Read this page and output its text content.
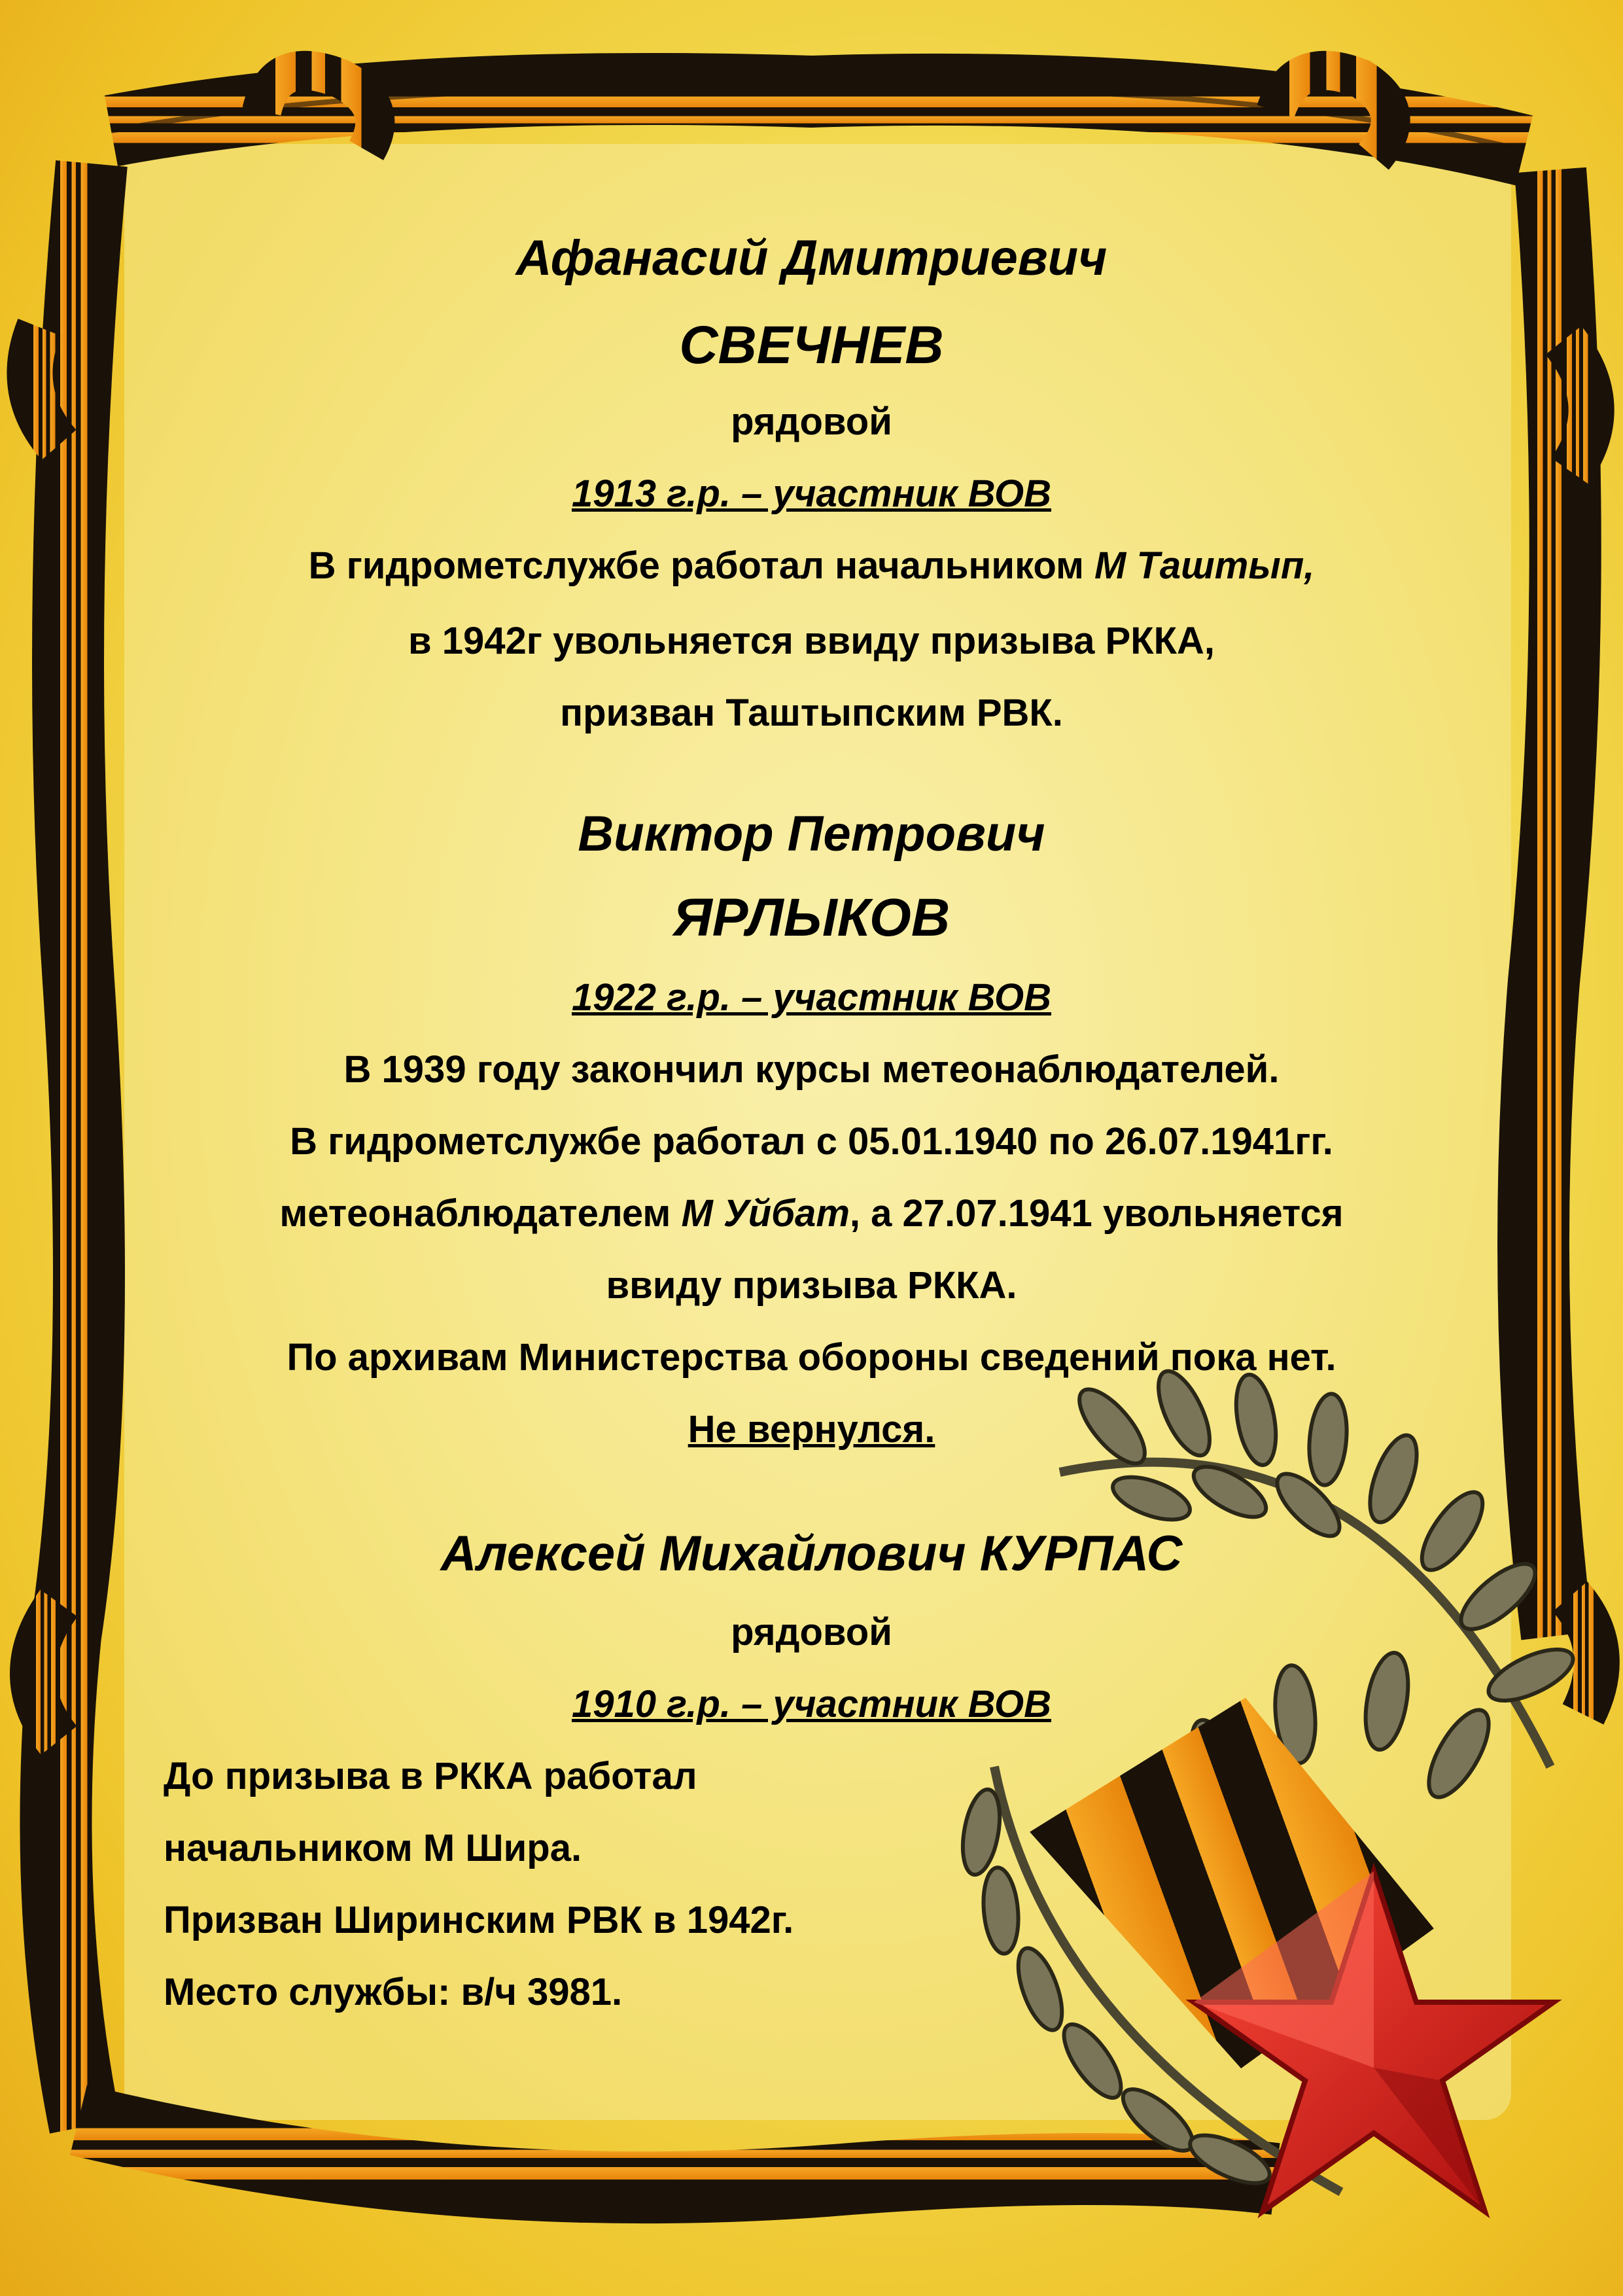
Афанасий Дмитриевич
СВЕЧНЕВ
рядовой
1913 г.р. – участник ВОВ
В гидрометслужбе работал начальником М Таштып,
в 1942г увольняется ввиду призыва РККА,
призван Таштыпским РВК.
Виктор Петрович
ЯРЛЫКОВ
1922 г.р. – участник ВОВ
В 1939 году закончил курсы метеонаблюдателей.
В гидрометслужбе работал с 05.01.1940 по 26.07.1941гг.
метеонаблюдателем М Уйбат, а 27.07.1941 увольняется
ввиду призыва РККА.
По архивам Министерства обороны сведений пока нет.
Не вернулся.
Алексей Михайлович КУРПАС
рядовой
1910 г.р. – участник ВОВ
До призыва в РККА работал
начальником М Шира.
Призван Ширинским РВК в 1942г.
Место службы: в/ч 3981.
